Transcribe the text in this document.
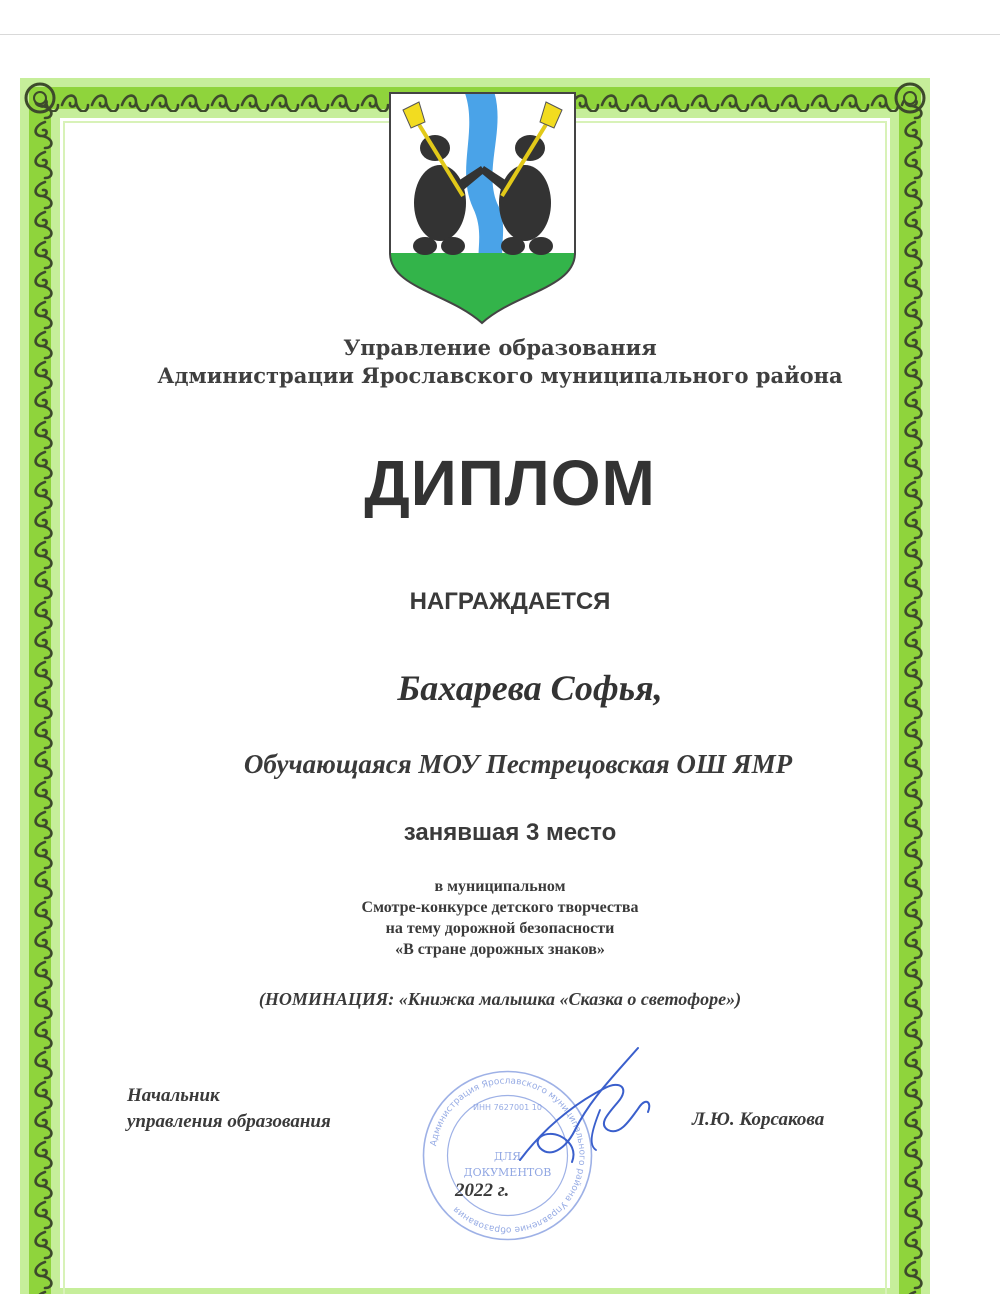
Управление образования
Администрации Ярославского муниципального района
ДИПЛОМ
НАГРАЖДАЕТСЯ
Бахарева Софья,
Обучающаяся МОУ Пестрецовская ОШ ЯМР
занявшая 3 место
в муниципальном
Смотре-конкурсе детского творчества
на тему дорожной безопасности
«В стране дорожных знаков»
(НОМИНАЦИЯ: «Книжка малышка «Сказка о светофоре»)
Начальник
управления образования	Л.Ю. Корсакова
Администрация Ярославского муниципального района Управление образования
ИНН 7627001 10
ДЛЯ
ДОКУМЕНТОВ
2022 г.
